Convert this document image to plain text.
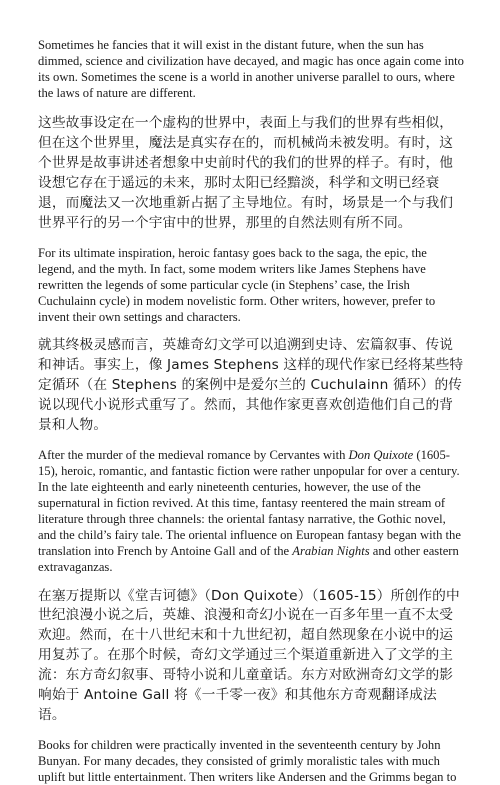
Sometimes he fancies that it will exist in the distant future, when the sun has dimmed, science and civilization have decayed, and magic has once again come into its own. Sometimes the scene is a world in another universe parallel to ours, where the laws of nature are different.

这些故事设定在一个虚构的世界中，表面上与我们的世界有些相似，但在这个世界里，魔法是真实存在的，而机械尚未被发明。有时，这个世界是故事讲述者想象中史前时代的我们的世界的样子。有时，他设想它存在于遥远的未来，那时太阳已经黯淡，科学和文明已经衰退，而魔法又一次地重新占据了主导地位。有时，场景是一个与我们世界平行的另一个宇宙中的世界，那里的自然法则有所不同。

For its ultimate inspiration, heroic fantasy goes back to the saga, the epic, the legend, and the myth. In fact, some modem writers like James Stephens have rewritten the legends of some particular cycle (in Stephens’ case, the Irish Cuchulainn cycle) in modem novelistic form. Other writers, however, prefer to invent their own settings and characters.

就其终极灵感而言，英雄奇幻文学可以追溯到史诗、宏篇叙事、传说和神话。事实上，像 James Stephens 这样的现代作家已经将某些特定循环（在 Stephens 的案例中是爱尔兰的 Cuchulainn 循环）的传说以现代小说形式重写了。然而，其他作家更喜欢创造他们自己的背景和人物。

After the murder of the medieval romance by Cervantes with Don Quixote (1605-15), heroic, romantic, and fantastic fiction were rather unpopular for over a century. In the late eighteenth and early nineteenth centuries, however, the use of the supernatural in fiction revived. At this time, fantasy reentered the main stream of literature through three channels: the oriental fantasy narrative, the Gothic novel, and the child’s fairy tale. The oriental influence on European fantasy began with the translation into French by Antoine Gall and of the Arabian Nights and other eastern extravaganzas.

在塞万提斯以《堂吉诃德》（Don Quixote）（1605-15）所创作的中世纪浪漫小说之后，英雄、浪漫和奇幻小说在一百多年里一直不太受欢迎。然而，在十八世纪末和十九世纪初，超自然现象在小说中的运用复苏了。在那个时候，奇幻文学通过三个渠道重新进入了文学的主流：东方奇幻叙事、哥特小说和儿童童话。东方对欧洲奇幻文学的影响始于 Antoine Gall 将《一千零一夜》和其他东方奇观翻译成法语。

Books for children were practically invented in the seventeenth century by John Bunyan. For many decades, they consisted of grimly moralistic tales with much uplift but little entertainment. Then writers like Andersen and the Grimms began to
